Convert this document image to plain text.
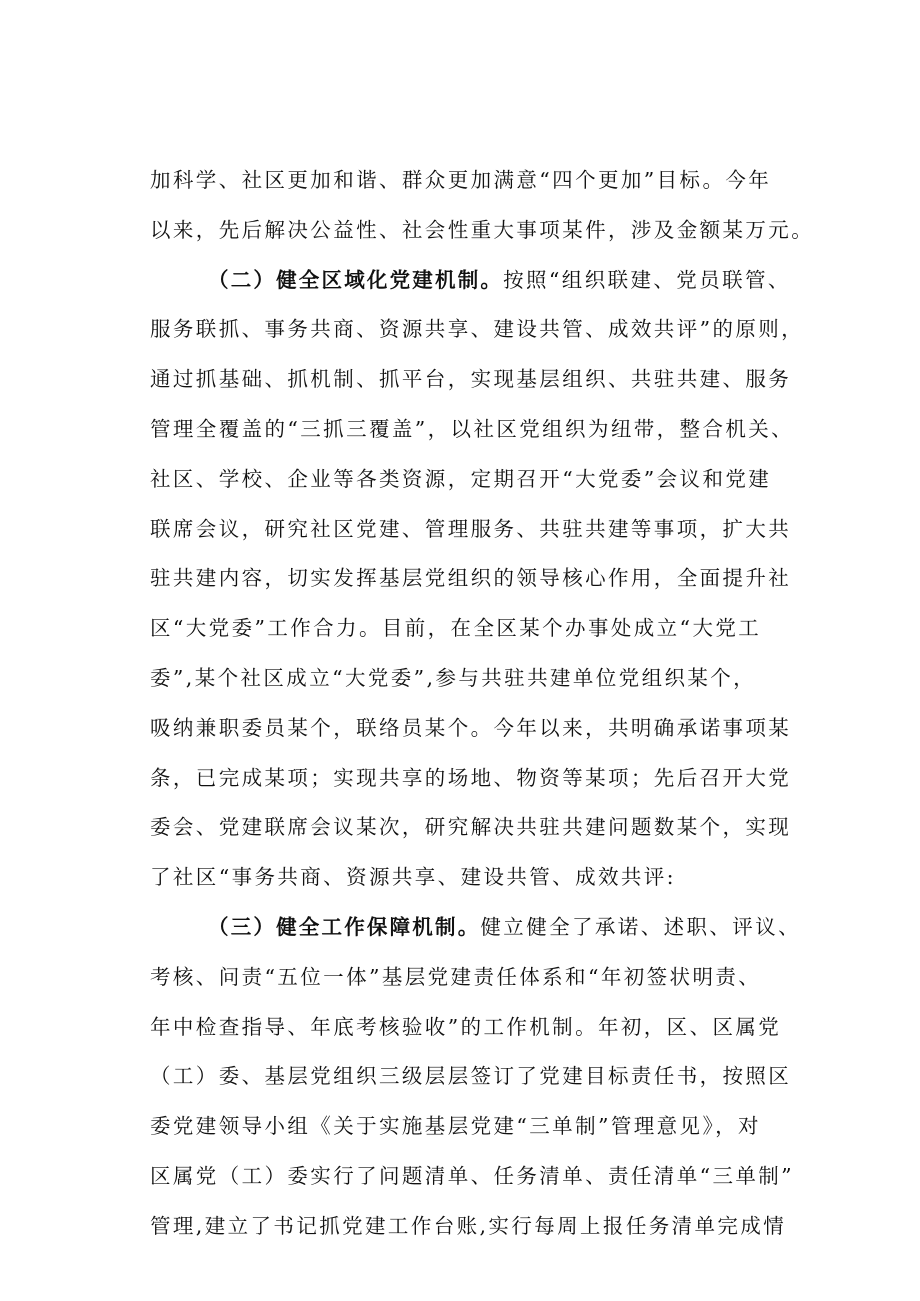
加科学、社区更加和谐、群众更加满意“四个更加”目标。今年
以来，先后解决公益性、社会性重大事项某件，涉及金额某万元。
（二）健全区域化党建机制。按照“组织联建、党员联管、
服务联抓、事务共商、资源共享、建设共管、成效共评”的原则，
通过抓基础、抓机制、抓平台，实现基层组织、共驻共建、服务
管理全覆盖的“三抓三覆盖”，以社区党组织为纽带，整合机关、
社区、学校、企业等各类资源，定期召开“大党委”会议和党建
联席会议，研究社区党建、管理服务、共驻共建等事项，扩大共
驻共建内容，切实发挥基层党组织的领导核心作用，全面提升社
区“大党委”工作合力。目前，在全区某个办事处成立“大党工
委”,某个社区成立“大党委”,参与共驻共建单位党组织某个，
吸纳兼职委员某个，联络员某个。今年以来，共明确承诺事项某
条，已完成某项；实现共享的场地、物资等某项；先后召开大党
委会、党建联席会议某次，研究解决共驻共建问题数某个，实现
了社区“事务共商、资源共享、建设共管、成效共评:
（三）健全工作保障机制。健立健全了承诺、述职、评议、
考核、问责“五位一体”基层党建责任体系和“年初签状明责、
年中检查指导、年底考核验收”的工作机制。年初，区、区属党
（工）委、基层党组织三级层层签订了党建目标责任书，按照区
委党建领导小组《关于实施基层党建“三单制”管理意见》，对
区属党（工）委实行了问题清单、任务清单、责任清单“三单制”
管理,建立了书记抓党建工作台账,实行每周上报任务清单完成情
